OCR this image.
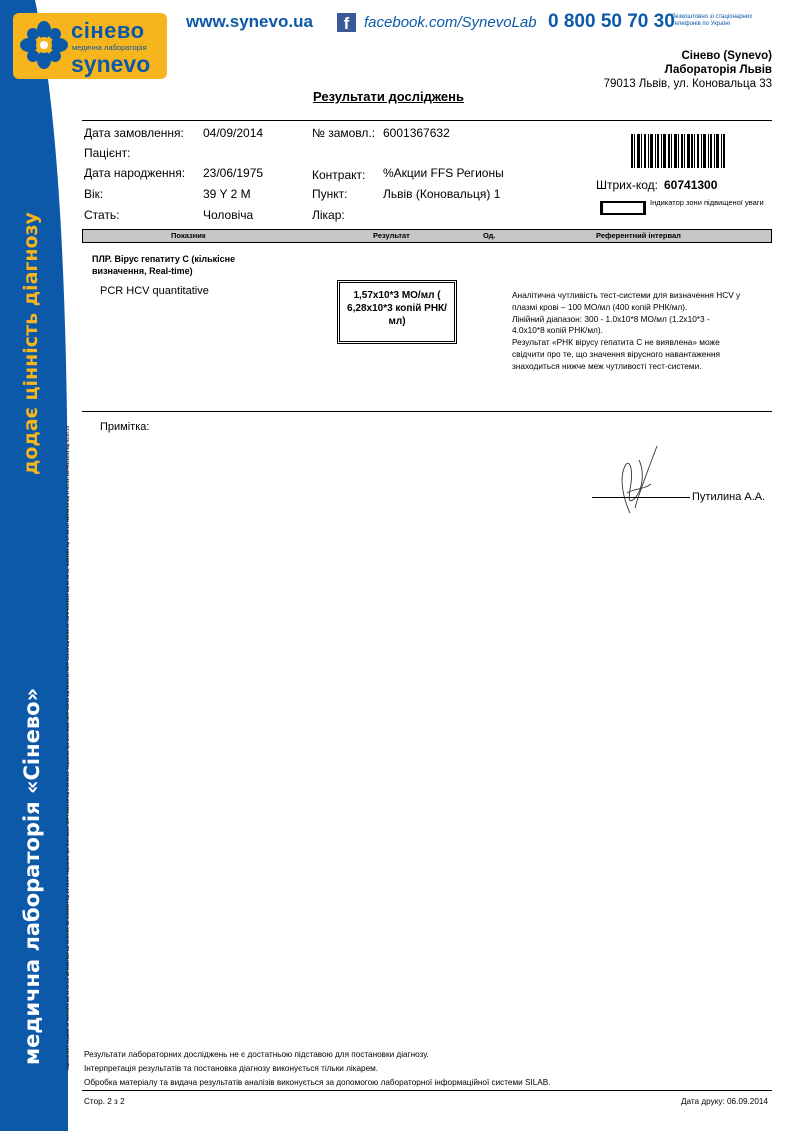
додає цінність діагнозу
медична лабораторія «Сінево»	Ліцензії МОЗ України: АГ №599151 від 26.12.11; АВ №447845 від 12.03.09; АВ №492897 від 23.10.09. Свідоцтво про атестацію: №ПЧ-1081/12 від 2.08.2012. Свідоцтво про атестацію №ПТ-120/12 від 06.04.12, №ПТ-121/12 від 06.04.12, №РО-059/2013 від 05.10.12, №001661 від 17.10.11, №0190/10 від 17.05.11, №ПЧ01/10/13 від 31.07.13
сінево
медична лабораторія
synevo
www.synevo.ua	f facebook.com/SynevoLab 0 800 50 70 30
безкоштовно зі стаціонарних телефонів по Україні
Сінево (Synevo)
Лабораторія Львів
79013 Львів, ул. Коновальца 33
Результати досліджень
Дата замовлення: 04/09/2014	№ замовл.: 6001367632
Пацієнт:
Дата народження: 23/06/1975	Контракт: %Акции FFS Регионы
Вік:	39 Y 2 M	Пункт:	Львів (Коновальця) 1
Стать:	Чоловіча	Лікар:
Штрих-код: 60741300
Індикатор зони підвищеної уваги
Показник	Результат	Од.	Референтний інтервал
ПЛР. Вірус гепатиту С (кількісне визначення, Real-time)
PCR HCV quantitative	1,57x10*3 МО/мл ( 6,28x10*3 копій РНК/мл)
Аналітична чутливість тест-системи для визначення HCV у плазмі крові – 100 МО/мл (400 копій РНК/мл).
Лінійний діапазон: 300 - 1.0x10*8 МО/мл (1.2x10*3 - 4.0x10*8 копій РНК/мл).
Результат «РНК вірусу гепатита С не виявлена» може свідчити про те, що значення вірусного навантаження знаходиться нижче меж чутливості тест-системи.
Примітка:
Путилина А.А.
Результати лабораторних досліджень не є достатньою підставою для постановки діагнозу.
Інтерпретація результатів та постановка діагнозу виконується тільки лікарем.
Обробка матеріалу та видача результатів аналізів виконується за допомогою лабораторної інформаційної системи SILAB.
Стор. 2 з 2	Дата друку: 06.09.2014
